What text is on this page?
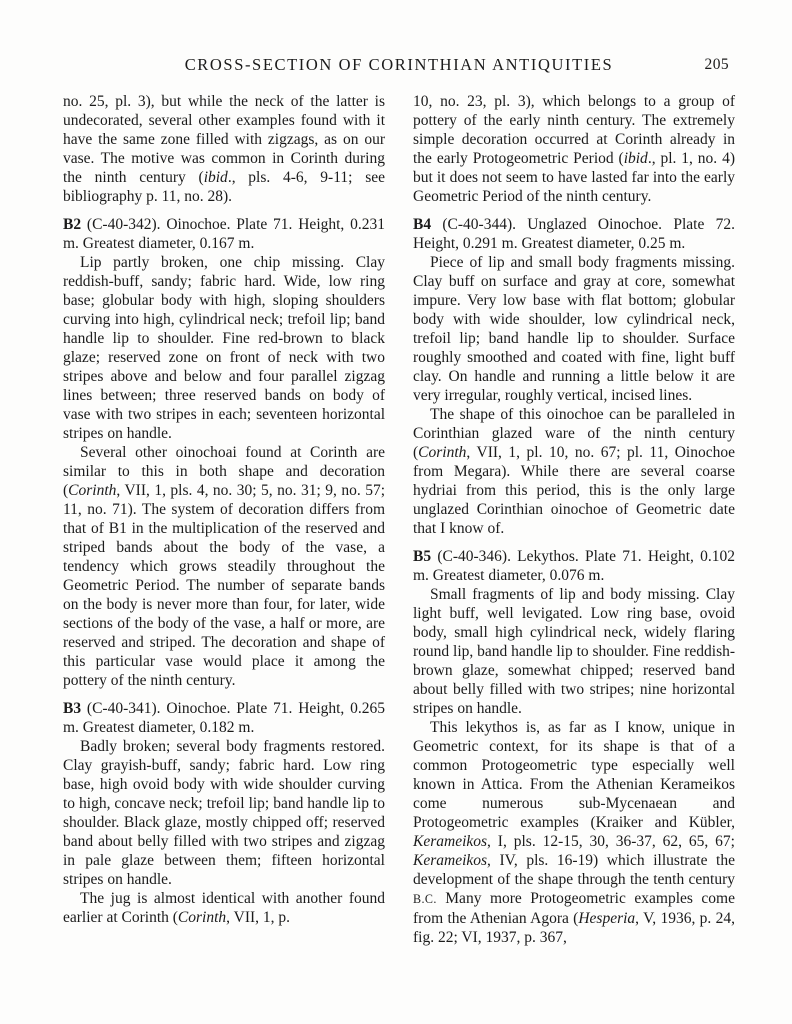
CROSS-SECTION OF CORINTHIAN ANTIQUITIES	205

no. 25, pl. 3), but while the neck of the latter is undecorated, several other examples found with it have the same zone filled with zigzags, as on our vase. The motive was common in Corinth during the ninth century (ibid., pls. 4-6, 9-11; see bibliography p. 11, no. 28).

B2 (C-40-342). Oinochoe. Plate 71. Height, 0.231 m. Greatest diameter, 0.167 m.

Lip partly broken, one chip missing. Clay reddish-buff, sandy; fabric hard. Wide, low ring base; globular body with high, sloping shoulders curving into high, cylindrical neck; trefoil lip; band handle lip to shoulder. Fine red-brown to black glaze; reserved zone on front of neck with two stripes above and below and four parallel zigzag lines between; three reserved bands on body of vase with two stripes in each; seventeen horizontal stripes on handle.

Several other oinochoai found at Corinth are similar to this in both shape and decoration (Corinth, VII, 1, pls. 4, no. 30; 5, no. 31; 9, no. 57; 11, no. 71). The system of decoration differs from that of B1 in the multiplication of the reserved and striped bands about the body of the vase, a tendency which grows steadily throughout the Geometric Period. The number of separate bands on the body is never more than four, for later, wide sections of the body of the vase, a half or more, are reserved and striped. The decoration and shape of this particular vase would place it among the pottery of the ninth century.

B3 (C-40-341). Oinochoe. Plate 71. Height, 0.265 m. Greatest diameter, 0.182 m.

Badly broken; several body fragments restored. Clay grayish-buff, sandy; fabric hard. Low ring base, high ovoid body with wide shoulder curving to high, concave neck; trefoil lip; band handle lip to shoulder. Black glaze, mostly chipped off; reserved band about belly filled with two stripes and zigzag in pale glaze between them; fifteen horizontal stripes on handle.

The jug is almost identical with another found earlier at Corinth (Corinth, VII, 1, p.

10, no. 23, pl. 3), which belongs to a group of pottery of the early ninth century. The extremely simple decoration occurred at Corinth already in the early Protogeometric Period (ibid., pl. 1, no. 4) but it does not seem to have lasted far into the early Geometric Period of the ninth century.

B4 (C-40-344). Unglazed Oinochoe. Plate 72. Height, 0.291 m. Greatest diameter, 0.25 m.

Piece of lip and small body fragments missing. Clay buff on surface and gray at core, somewhat impure. Very low base with flat bottom; globular body with wide shoulder, low cylindrical neck, trefoil lip; band handle lip to shoulder. Surface roughly smoothed and coated with fine, light buff clay. On handle and running a little below it are very irregular, roughly vertical, incised lines.

The shape of this oinochoe can be paralleled in Corinthian glazed ware of the ninth century (Corinth, VII, 1, pl. 10, no. 67; pl. 11, Oinochoe from Megara). While there are several coarse hydriai from this period, this is the only large unglazed Corinthian oinochoe of Geometric date that I know of.

B5 (C-40-346). Lekythos. Plate 71. Height, 0.102 m. Greatest diameter, 0.076 m.

Small fragments of lip and body missing. Clay light buff, well levigated. Low ring base, ovoid body, small high cylindrical neck, widely flaring round lip, band handle lip to shoulder. Fine reddish-brown glaze, somewhat chipped; reserved band about belly filled with two stripes; nine horizontal stripes on handle.

This lekythos is, as far as I know, unique in Geometric context, for its shape is that of a common Protogeometric type especially well known in Attica. From the Athenian Kerameikos come numerous sub-Mycenaean and Protogeometric examples (Kraiker and Kübler, Kerameikos, I, pls. 12-15, 30, 36-37, 62, 65, 67; Kerameikos, IV, pls. 16-19) which illustrate the development of the shape through the tenth century B.C. Many more Protogeometric examples come from the Athenian Agora (Hesperia, V, 1936, p. 24, fig. 22; VI, 1937, p. 367,
